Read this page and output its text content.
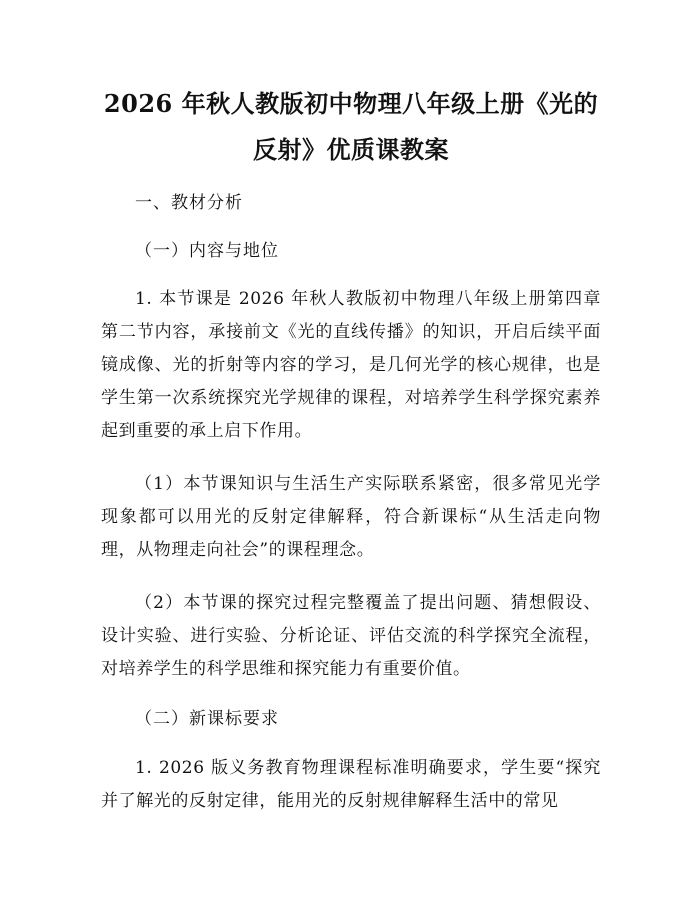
2026 年秋人教版初中物理八年级上册《光的
反射》优质课教案
一、教材分析
（一）内容与地位
1. 本节课是 2026 年秋人教版初中物理八年级上册第四章第二节内容，承接前文《光的直线传播》的知识，开启后续平面镜成像、光的折射等内容的学习，是几何光学的核心规律，也是学生第一次系统探究光学规律的课程，对培养学生科学探究素养起到重要的承上启下作用。
（1）本节课知识与生活生产实际联系紧密，很多常见光学现象都可以用光的反射定律解释，符合新课标“从生活走向物理，从物理走向社会”的课程理念。
（2）本节课的探究过程完整覆盖了提出问题、猜想假设、设计实验、进行实验、分析论证、评估交流的科学探究全流程，对培养学生的科学思维和探究能力有重要价值。
（二）新课标要求
1. 2026 版义务教育物理课程标准明确要求，学生要“探究并了解光的反射定律，能用光的反射规律解释生活中的常见
